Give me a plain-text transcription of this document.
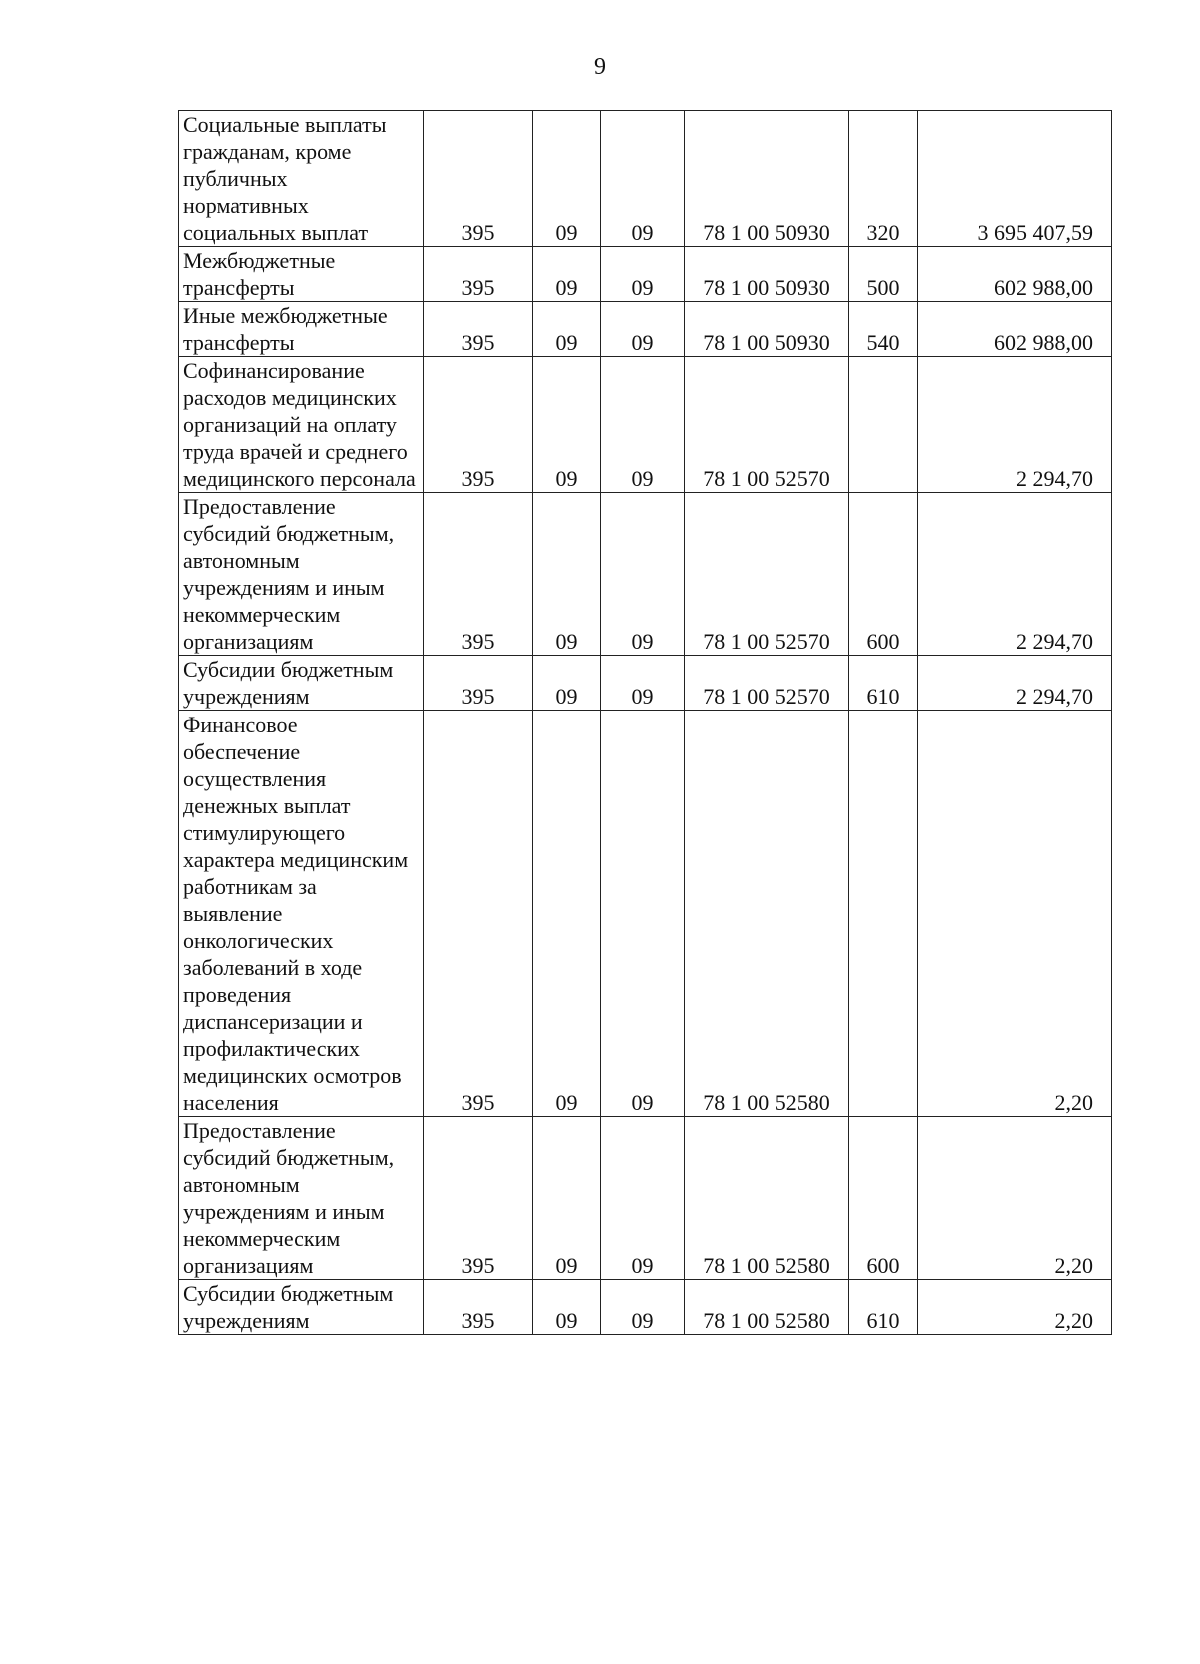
9
Социальные выплаты гражданам, кроме публичных нормативных социальных выплат	395	09	09	78 1 00 50930	320	3 695 407,59
Межбюджетные трансферты	395	09	09	78 1 00 50930	500	602 988,00
Иные межбюджетные трансферты	395	09	09	78 1 00 50930	540	602 988,00
Софинансирование расходов медицинских организаций на оплату труда врачей и среднего медицинского персонала	395	09	09	78 1 00 52570		2 294,70
Предоставление субсидий бюджетным, автономным учреждениям и иным некоммерческим организациям	395	09	09	78 1 00 52570	600	2 294,70
Субсидии бюджетным учреждениям	395	09	09	78 1 00 52570	610	2 294,70
Финансовое обеспечение осуществления денежных выплат стимулирующего характера медицинским работникам за выявление онкологических заболеваний в ходе проведения диспансеризации и профилактических медицинских осмотров населения	395	09	09	78 1 00 52580		2,20
Предоставление субсидий бюджетным, автономным учреждениям и иным некоммерческим организациям	395	09	09	78 1 00 52580	600	2,20
Субсидии бюджетным учреждениям	395	09	09	78 1 00 52580	610	2,20
